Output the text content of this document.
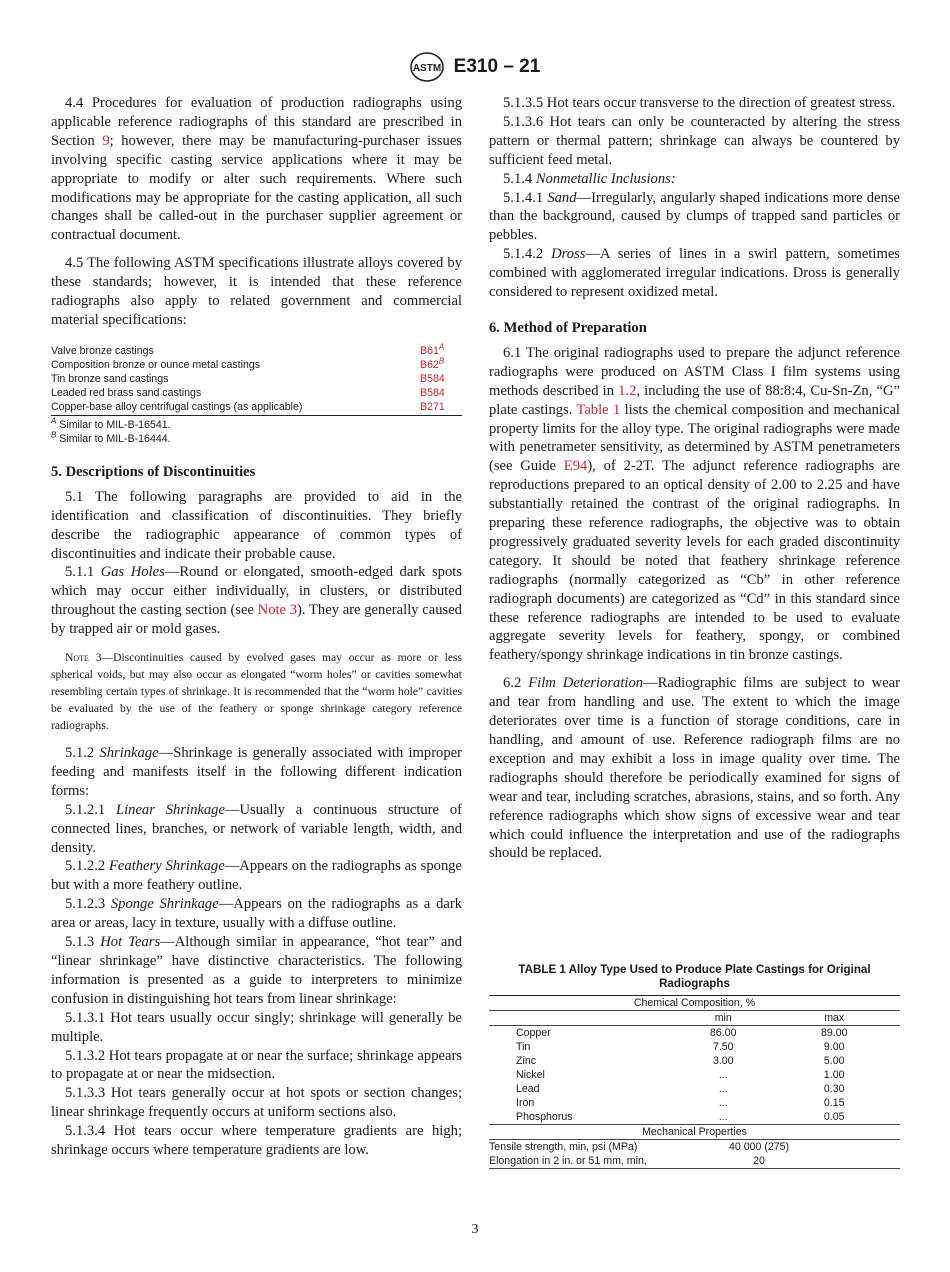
ASTM E310 – 21

4.4 Procedures for evaluation of production radiographs using applicable reference radiographs of this standard are prescribed in Section 9; however, there may be manufacturing-purchaser issues involving specific casting service applications where it may be appropriate to modify or alter such requirements. Where such modifications may be appropriate for the casting application, all such changes shall be called-out in the purchaser supplier agreement or contractual document.

4.5 The following ASTM specifications illustrate alloys covered by these standards; however, it is intended that these reference radiographs also apply to related government and commercial material specifications:

Valve bronze castings	$B61^A$
Composition bronze or ounce metal castings	$B62^B$
Tin bronze sand castings	B584
Leaded red brass sand castings	B584
Copper-base alloy centrifugal castings (as applicable)	B271
$^A$ Similar to MIL-B-16541.
$^B$ Similar to MIL-B-16444.

5. Descriptions of Discontinuities

5.1 The following paragraphs are provided to aid in the identification and classification of discontinuities. They briefly describe the radiographic appearance of common types of discontinuities and indicate their probable cause.

5.1.1 Gas Holes—Round or elongated, smooth-edged dark spots which may occur either individually, in clusters, or distributed throughout the casting section (see Note 3). They are generally caused by trapped air or mold gases.

Note 3—Discontinuities caused by evolved gases may occur as more or less spherical voids, but may also occur as elongated “worm holes” or cavities somewhat resembling certain types of shrinkage. It is recommended that the “worm hole” cavities be evaluated by the use of the feathery or sponge shrinkage category reference radiographs.

5.1.2 Shrinkage—Shrinkage is generally associated with improper feeding and manifests itself in the following different indication forms:

5.1.2.1 Linear Shrinkage—Usually a continuous structure of connected lines, branches, or network of variable length, width, and density.

5.1.2.2 Feathery Shrinkage—Appears on the radiographs as sponge but with a more feathery outline.

5.1.2.3 Sponge Shrinkage—Appears on the radiographs as a dark area or areas, lacy in texture, usually with a diffuse outline.

5.1.3 Hot Tears—Although similar in appearance, “hot tear” and “linear shrinkage” have distinctive characteristics. The following information is presented as a guide to interpreters to minimize confusion in distinguishing hot tears from linear shrinkage:

5.1.3.1 Hot tears usually occur singly; shrinkage will generally be multiple.

5.1.3.2 Hot tears propagate at or near the surface; shrinkage appears to propagate at or near the midsection.

5.1.3.3 Hot tears generally occur at hot spots or section changes; linear shrinkage frequently occurs at uniform sections also.

5.1.3.4 Hot tears occur where temperature gradients are high; shrinkage occurs where temperature gradients are low.

5.1.3.5 Hot tears occur transverse to the direction of greatest stress.

5.1.3.6 Hot tears can only be counteracted by altering the stress pattern or thermal pattern; shrinkage can always be countered by sufficient feed metal.

5.1.4 Nonmetallic Inclusions:

5.1.4.1 Sand—Irregularly, angularly shaped indications more dense than the background, caused by clumps of trapped sand particles or pebbles.

5.1.4.2 Dross—A series of lines in a swirl pattern, sometimes combined with agglomerated irregular indications. Dross is generally considered to represent oxidized metal.

6. Method of Preparation

6.1 The original radiographs used to prepare the adjunct reference radiographs were produced on ASTM Class I film systems using methods described in 1.2, including the use of 88:8:4, Cu-Sn-Zn, “G” plate castings. Table 1 lists the chemical composition and mechanical property limits for the alloy type. The original radiographs were made with penetrameter sensitivity, as determined by ASTM penetrameters (see Guide E94), of 2-2T. The adjunct reference radiographs are reproductions prepared to an optical density of 2.00 to 2.25 and have substantially retained the contrast of the original radiographs. In preparing these reference radiographs, the objective was to obtain progressively graduated severity levels for each graded discontinuity category. It should be noted that feathery shrinkage reference radiographs (normally categorized as “Cb” in other reference radiograph documents) are categorized as “Cd” in this standard since these reference radiographs are intended to be used to evaluate aggregate severity levels for feathery, spongy, or combined feathery/spongy shrinkage indications in tin bronze castings.

6.2 Film Deterioration—Radiographic films are subject to wear and tear from handling and use. The extent to which the image deteriorates over time is a function of storage conditions, care in handling, and amount of use. Reference radiograph films are no exception and may exhibit a loss in image quality over time. The radiographs should therefore be periodically examined for signs of wear and tear, including scratches, abrasions, stains, and so forth. Any reference radiographs which show signs of excessive wear and tear which could influence the interpretation and use of the radiographs should be replaced.

TABLE 1 Alloy Type Used to Produce Plate Castings for Original Radiographs
Chemical Composition, %		
	min	max
Copper	86.00	89.00
Tin	7.50	9.00
Zinc	3.00	5.00
Nickel	...	1.00
Lead	...	0.30
Iron	...	0.15
Phosphorus	...	0.05
Mechanical Properties		
Tensile strength, min, psi (MPa)	40 000 (275)	
Elongation in 2 in. or 51 mm, min,	20	
3
